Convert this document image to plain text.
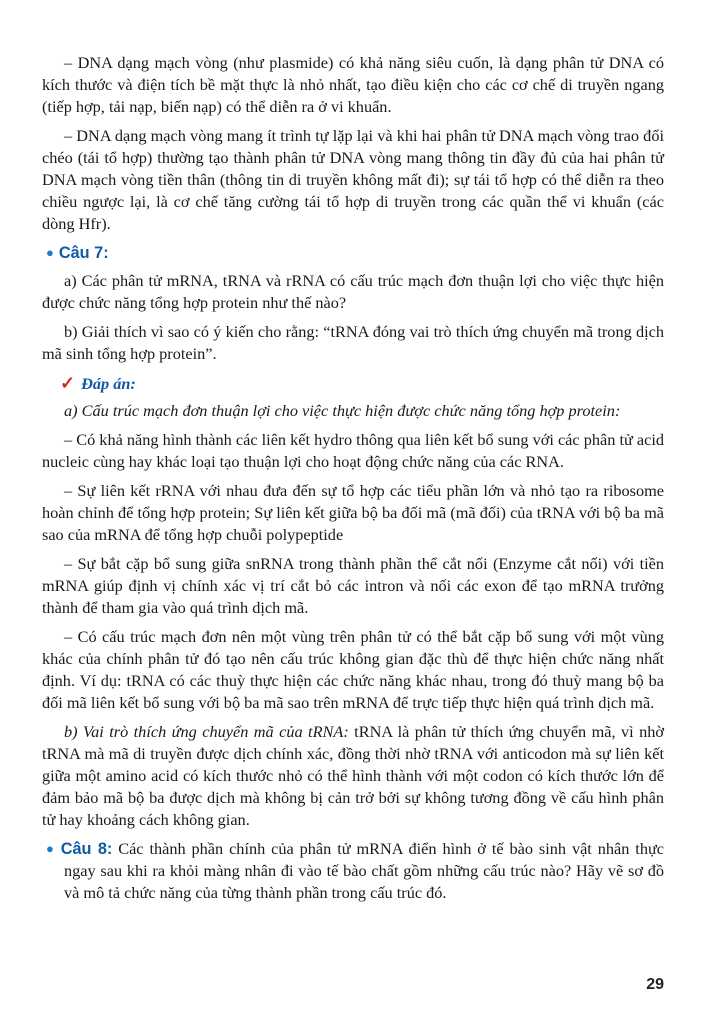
– DNA dạng mạch vòng (như plasmide) có khả năng siêu cuốn, là dạng phân tử DNA có kích thước và điện tích bề mặt thực là nhỏ nhất, tạo điều kiện cho các cơ chế di truyền ngang (tiếp hợp, tải nạp, biến nạp) có thể diễn ra ở vi khuẩn.

– DNA dạng mạch vòng mang ít trình tự lặp lại và khi hai phân tử DNA mạch vòng trao đổi chéo (tái tổ hợp) thường tạo thành phân tử DNA vòng mang thông tin đầy đủ của hai phân tử DNA mạch vòng tiền thân (thông tin di truyền không mất đi); sự tái tổ hợp có thể diễn ra theo chiều ngược lại, là cơ chế tăng cường tái tổ hợp di truyền trong các quần thể vi khuẩn (các dòng Hfr).

● Câu 7:

a) Các phân tử mRNA, tRNA và rRNA có cấu trúc mạch đơn thuận lợi cho việc thực hiện được chức năng tổng hợp protein như thế nào?

b) Giải thích vì sao có ý kiến cho rằng: “tRNA đóng vai trò thích ứng chuyển mã trong dịch mã sinh tổng hợp protein”.

✓ Đáp án:

a) Cấu trúc mạch đơn thuận lợi cho việc thực hiện được chức năng tổng hợp protein:

– Có khả năng hình thành các liên kết hydro thông qua liên kết bổ sung với các phân tử acid nucleic cùng hay khác loại tạo thuận lợi cho hoạt động chức năng của các RNA.

– Sự liên kết rRNA với nhau đưa đến sự tổ hợp các tiểu phần lớn và nhỏ tạo ra ribosome hoàn chỉnh để tổng hợp protein; Sự liên kết giữa bộ ba đối mã (mã đối) của tRNA với bộ ba mã sao của mRNA để tổng hợp chuỗi polypeptide

– Sự bắt cặp bổ sung giữa snRNA trong thành phần thể cắt nối (Enzyme cắt nối) với tiền mRNA giúp định vị chính xác vị trí cắt bỏ các intron và nối các exon để tạo mRNA trưởng thành để tham gia vào quá trình dịch mã.

– Có cấu trúc mạch đơn nên một vùng trên phân tử có thể bắt cặp bổ sung với một vùng khác của chính phân tử đó tạo nên cấu trúc không gian đặc thù để thực hiện chức năng nhất định. Ví dụ: tRNA có các thuỳ thực hiện các chức năng khác nhau, trong đó thuỳ mang bộ ba đối mã liên kết bổ sung với bộ ba mã sao trên mRNA để trực tiếp thực hiện quá trình dịch mã.

b) Vai trò thích ứng chuyển mã của tRNA: tRNA là phân tử thích ứng chuyển mã, vì nhờ tRNA mà mã di truyền được dịch chính xác, đồng thời nhờ tRNA với anticodon mà sự liên kết giữa một amino acid có kích thước nhỏ có thể hình thành với một codon có kích thước lớn để đảm bảo mã bộ ba được dịch mà không bị cản trở bởi sự không tương đồng về cấu hình phân tử hay khoảng cách không gian.

● Câu 8: Các thành phần chính của phân tử mRNA điển hình ở tế bào sinh vật nhân thực ngay sau khi ra khỏi màng nhân đi vào tế bào chất gồm những cấu trúc nào? Hãy vẽ sơ đồ và mô tả chức năng của từng thành phần trong cấu trúc đó.
29
